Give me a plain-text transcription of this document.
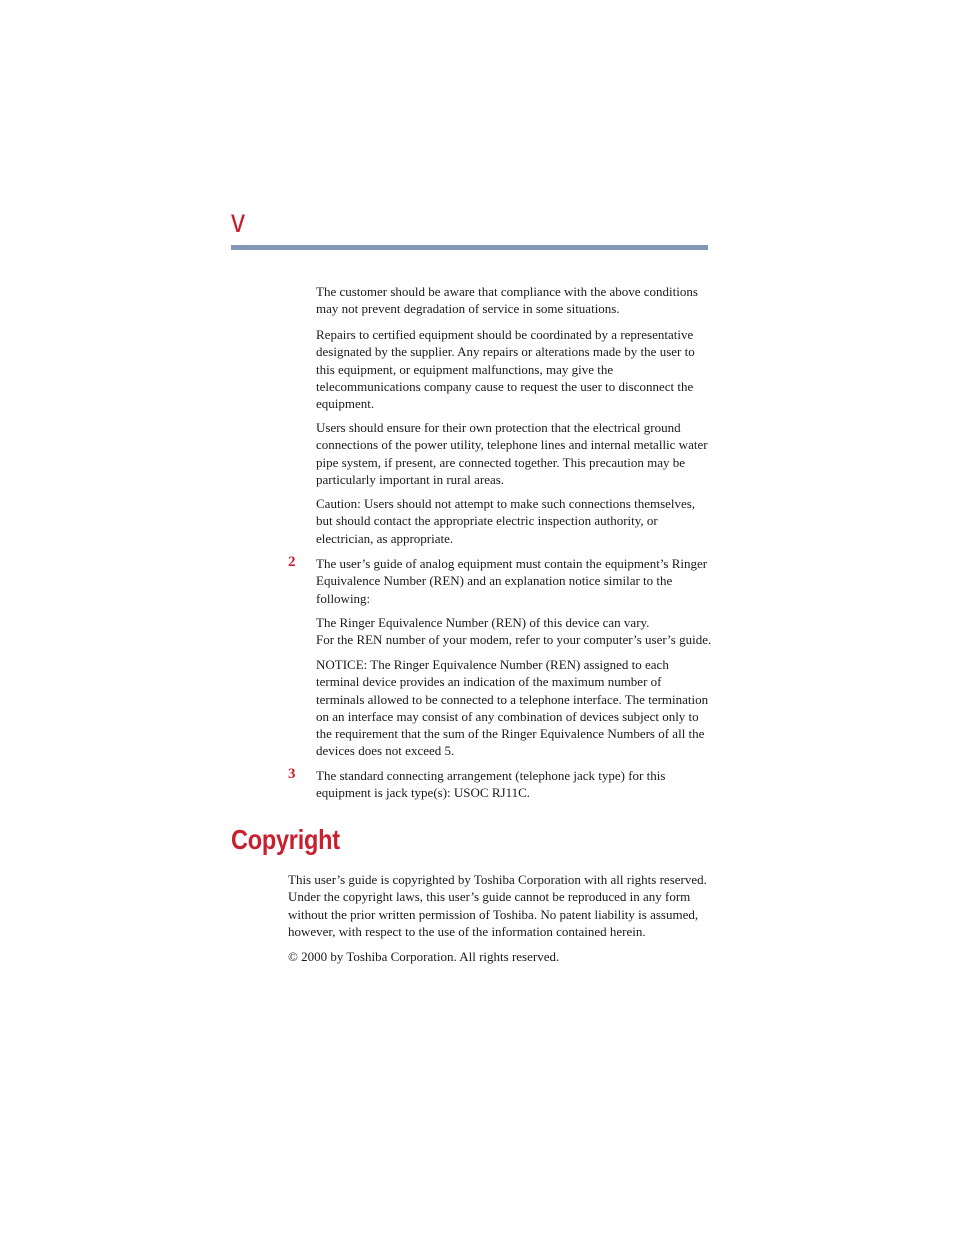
v

The customer should be aware that compliance with the above conditions
may not prevent degradation of service in some situations.

Repairs to certified equipment should be coordinated by a representative
designated by the supplier. Any repairs or alterations made by the user to
this equipment, or equipment malfunctions, may give the
telecommunications company cause to request the user to disconnect the
equipment.

Users should ensure for their own protection that the electrical ground
connections of the power utility, telephone lines and internal metallic water
pipe system, if present, are connected together. This precaution may be
particularly important in rural areas.

Caution: Users should not attempt to make such connections themselves,
but should contact the appropriate electric inspection authority, or
electrician, as appropriate.

2 The user’s guide of analog equipment must contain the equipment’s Ringer
Equivalence Number (REN) and an explanation notice similar to the
following:

The Ringer Equivalence Number (REN) of this device can vary.
For the REN number of your modem, refer to your computer’s user’s guide.

NOTICE: The Ringer Equivalence Number (REN) assigned to each
terminal device provides an indication of the maximum number of
terminals allowed to be connected to a telephone interface. The termination
on an interface may consist of any combination of devices subject only to
the requirement that the sum of the Ringer Equivalence Numbers of all the
devices does not exceed 5.

3 The standard connecting arrangement (telephone jack type) for this
equipment is jack type(s): USOC RJ11C.

Copyright

This user’s guide is copyrighted by Toshiba Corporation with all rights reserved.
Under the copyright laws, this user’s guide cannot be reproduced in any form
without the prior written permission of Toshiba. No patent liability is assumed,
however, with respect to the use of the information contained herein.

© 2000 by Toshiba Corporation. All rights reserved.
